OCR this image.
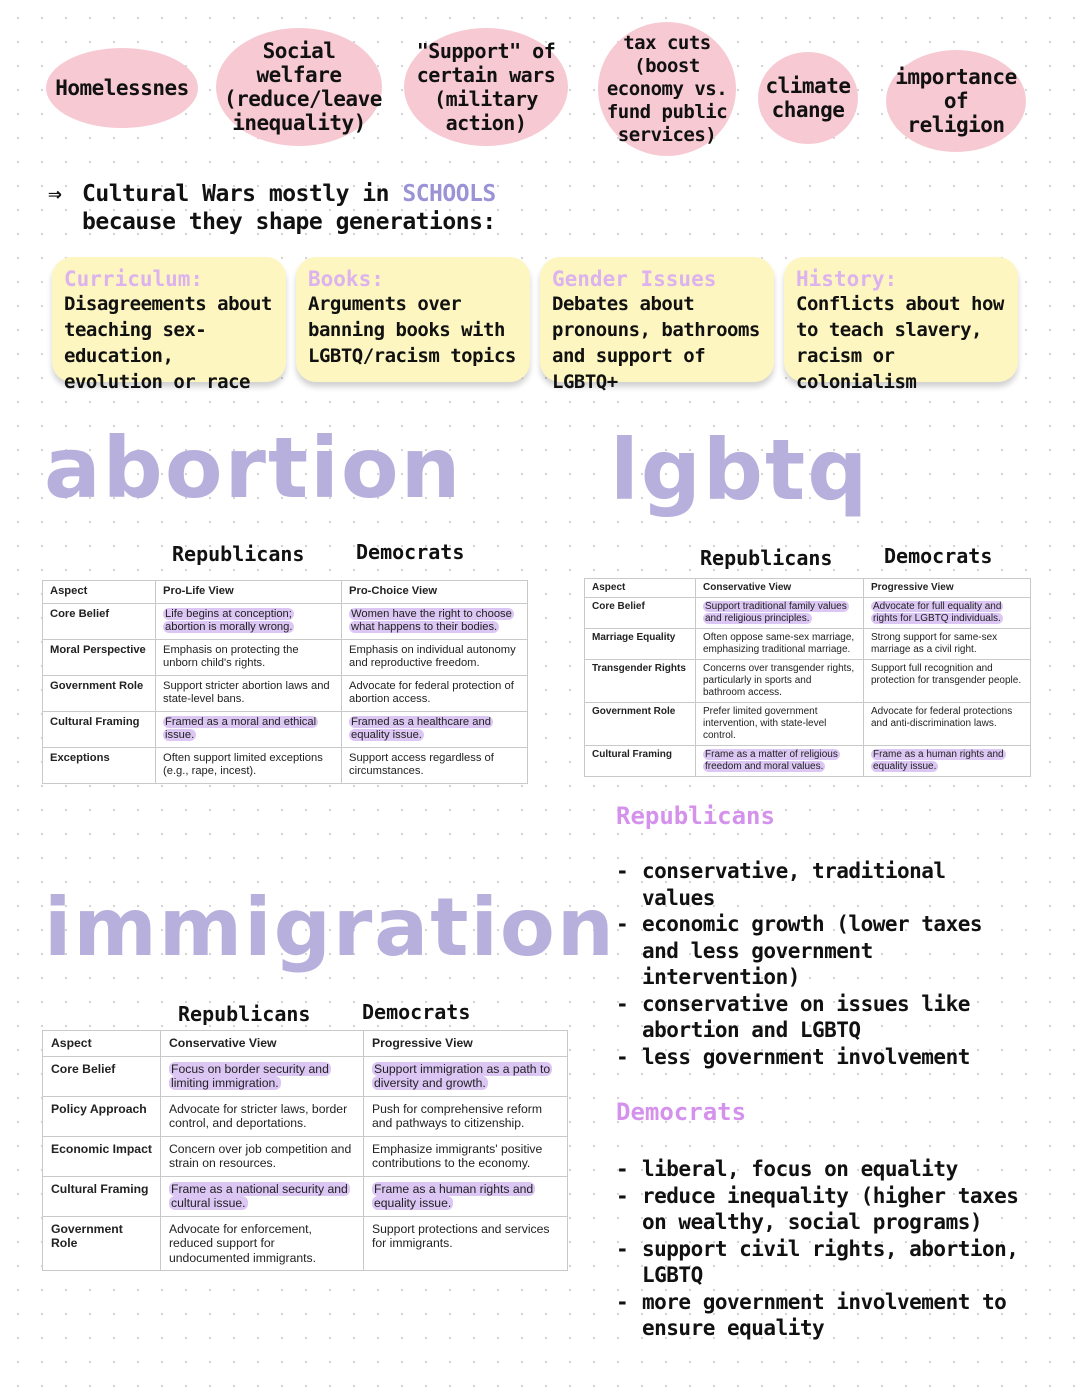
Homelessnes
Social welfare (reduce/leave inequality)
"Support" of certain wars (military action)
tax cuts (boost economy vs. fund public services)
climate change
importance of religion
⇒ Cultural Wars mostly in SCHOOLS
because they shape generations:
Curriculum:
Disagreements about teaching sex-education, evolution or race
Books:
Arguments over banning books with LGBTQ/racism topics
Gender Issues
Debates about pronouns, bathrooms and support of LGBTQ+
History:
Conflicts about how to teach slavery, racism or colonialism
abortion
Republicans	Democrats
Aspect	Pro-Life View	Pro-Choice View
Core Belief	Life begins at conception; abortion is morally wrong.	Women have the right to choose what happens to their bodies.
Moral Perspective	Emphasis on protecting the unborn child's rights.	Emphasis on individual autonomy and reproductive freedom.
Government Role	Support stricter abortion laws and state-level bans.	Advocate for federal protection of abortion access.
Cultural Framing	Framed as a moral and ethical issue.	Framed as a healthcare and equality issue.
Exceptions	Often support limited exceptions (e.g., rape, incest).	Support access regardless of circumstances.
lgbtq
Republicans	Democrats
Aspect	Conservative View	Progressive View
Core Belief	Support traditional family values and religious principles.	Advocate for full equality and rights for LGBTQ individuals.
Marriage Equality	Often oppose same-sex marriage, emphasizing traditional marriage.	Strong support for same-sex marriage as a civil right.
Transgender Rights	Concerns over transgender rights, particularly in sports and bathroom access.	Support full recognition and protection for transgender people.
Government Role	Prefer limited government intervention, with state-level control.	Advocate for federal protections and anti-discrimination laws.
Cultural Framing	Frame as a matter of religious freedom and moral values.	Frame as a human rights and equality issue.
immigration
Republicans	Democrats
Aspect	Conservative View	Progressive View
Core Belief	Focus on border security and limiting immigration.	Support immigration as a path to diversity and growth.
Policy Approach	Advocate for stricter laws, border control, and deportations.	Push for comprehensive reform and pathways to citizenship.
Economic Impact	Concern over job competition and strain on resources.	Emphasize immigrants' positive contributions to the economy.
Cultural Framing	Frame as a national security and cultural issue.	Frame as a human rights and equality issue.
Government Role	Advocate for enforcement, reduced support for undocumented immigrants.	Support protections and services for immigrants.
Republicans
- conservative, traditional values
- economic growth (lower taxes and less government intervention)
- conservative on issues like abortion and LGBTQ
- less government involvement
Democrats
- liberal, focus on equality
- reduce inequality (higher taxes on wealthy, social programs)
- support civil rights, abortion, LGBTQ
- more government involvement to ensure equality
